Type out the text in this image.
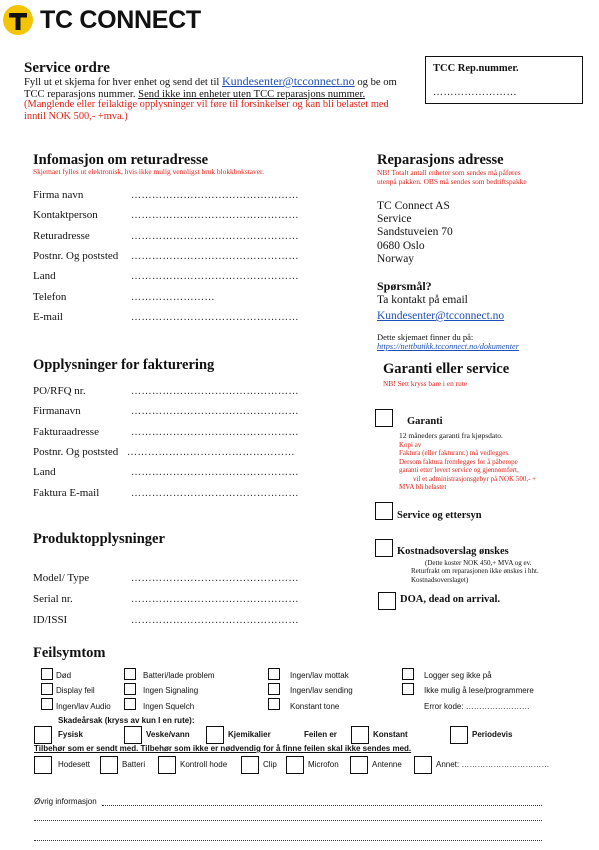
TC CONNECT
Service ordre
Fyll ut et skjema for hver enhet og send det til Kundesenter@tcconnect.no og be om
TCC reparasjons nummer. Send ikke inn enheter uten TCC reparasjons nummer.
(Manglende eller feilaktige opplysninger vil føre til forsinkelser og kan bli belastet med inntil NOK 500,- +mva.)
TCC Rep.nummer.
……………………
Infomasjon om returadresse
Skjemaet fylles ut elektronisk, hvis ikke mulig vennligst bruk blokkbokstaver.
Firma navn	…………………………………………
Kontaktperson	…………………………………………
Returadresse	…………………………………………
Postnr. Og poststed …………………………………………
Land	…………………………………………
Telefon	……………………
E-mail	…………………………………………
Reparasjons adresse
NB! Totalt antall enheter som sendes må påføres
utenpå pakken. OBS må sendes som bedriftspakke
TC Connect AS
Service
Sandstuveien 70
0680 Oslo
Norway
Spørsmål?
Ta kontakt på email
Kundesenter@tcconnect.no
Dette skjemaet finner du på:
https://nettbutikk.tcconnect.no/dokumenter
Opplysninger for fakturering
PO/RFQ nr.	…………………………………………
Firmanavn	…………………………………………
Fakturaadresse	…………………………………………
Postnr. Og poststed …………………………………………
Land	…………………………………………
Faktura E-mail	…………………………………………
Garanti eller service
NB! Sett kryss bare i en rute
Garanti
12 måneders garanti fra kjøpsdato.
Kopi av
Faktura (eller fakturanr.) må vedlegges.
Dersom faktura fremlegges for å påberope
garanti etter levert service og gjennomført,
vil et administrasjonsgebyr på NOK 500,- +
MVA bli belastet
Service og ettersyn
Kostnadsoverslag ønskes
(Dette koster NOK 450,+ MVA og ev.
Returfrakt om reparasjonen ikke ønskes i hht.
Kostnadsoverslaget)
DOA, dead on arrival.
Produktopplysninger
Model/ Type	…………………………………………
Serial nr.	…………………………………………
ID/ISSI	…………………………………………
Feilsymtom
Død	Batteri/lade problem	Ingen/lav mottak	Logger seg ikke på
Display feil	Ingen Signaling	Ingen/lav sending	Ikke mulig å lese/programmere
Ingen/lav Audio	Ingen Squelch	Konstant tone	Error kode: ……………………
Skadeårsak (kryss av kun I en rute):
Fysisk	Veske/vann	Kjemikalier	Feilen er	Konstant	Periodevis
Tilbehør som er sendt med. Tilbehør som ikke er nødvendig for å finne feilen skal ikke sendes med.
Hodesett	Batteri	Kontroll hode	Clip	Microfon	Antenne	Annet: ……………………………
Øvrig informasjon
